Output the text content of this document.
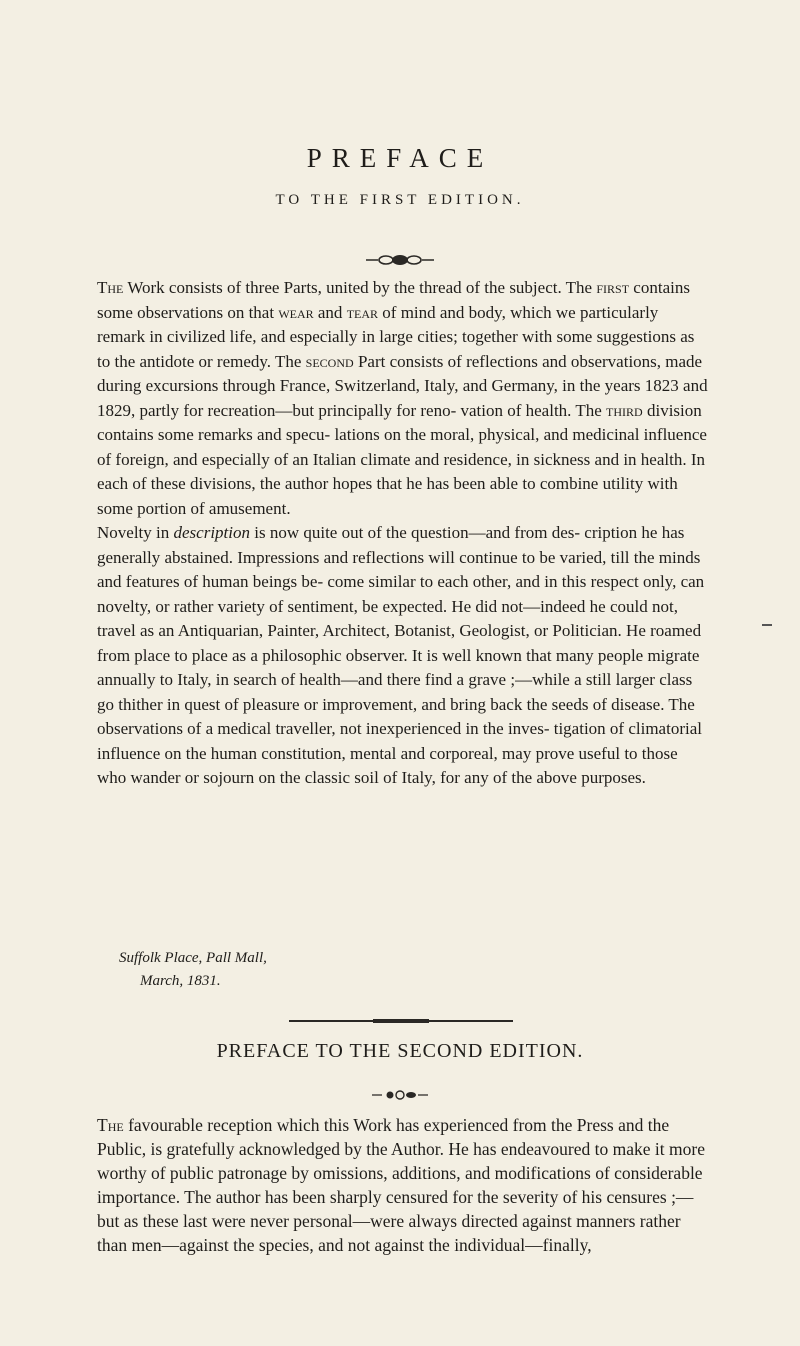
PREFACE
TO THE FIRST EDITION.

The Work consists of three Parts, united by the thread of the subject. The first contains some observations on that wear and tear of mind and body, which we particularly remark in civilized life, and especially in large cities; together with some suggestions as to the antidote or remedy. The second Part consists of reflections and observations, made during excursions through France, Switzerland, Italy, and Germany, in the years 1823 and 1829, partly for recreation—but principally for reno- vation of health. The third division contains some remarks and specu- lations on the moral, physical, and medicinal influence of foreign, and especially of an Italian climate and residence, in sickness and in health. In each of these divisions, the author hopes that he has been able to combine utility with some portion of amusement.

Novelty in description is now quite out of the question—and from des- cription he has generally abstained. Impressions and reflections will continue to be varied, till the minds and features of human beings be- come similar to each other, and in this respect only, can novelty, or rather variety of sentiment, be expected. He did not—indeed he could not, travel as an Antiquarian, Painter, Architect, Botanist, Geologist, or Politician. He roamed from place to place as a philosophic observer. It is well known that many people migrate annually to Italy, in search of health—and there find a grave ;—while a still larger class go thither in quest of pleasure or improvement, and bring back the seeds of disease. The observations of a medical traveller, not inexperienced in the inves- tigation of climatorial influence on the human constitution, mental and corporeal, may prove useful to those who wander or sojourn on the classic soil of Italy, for any of the above purposes.

Suffolk Place, Pall Mall,
March, 1831.
PREFACE TO THE SECOND EDITION.

The favourable reception which this Work has experienced from the Press and the Public, is gratefully acknowledged by the Author. He has endeavoured to make it more worthy of public patronage by omissions, additions, and modifications of considerable importance. The author has been sharply censured for the severity of his censures ;—but as these last were never personal—were always directed against manners rather than men—against the species, and not against the individual—finally,
